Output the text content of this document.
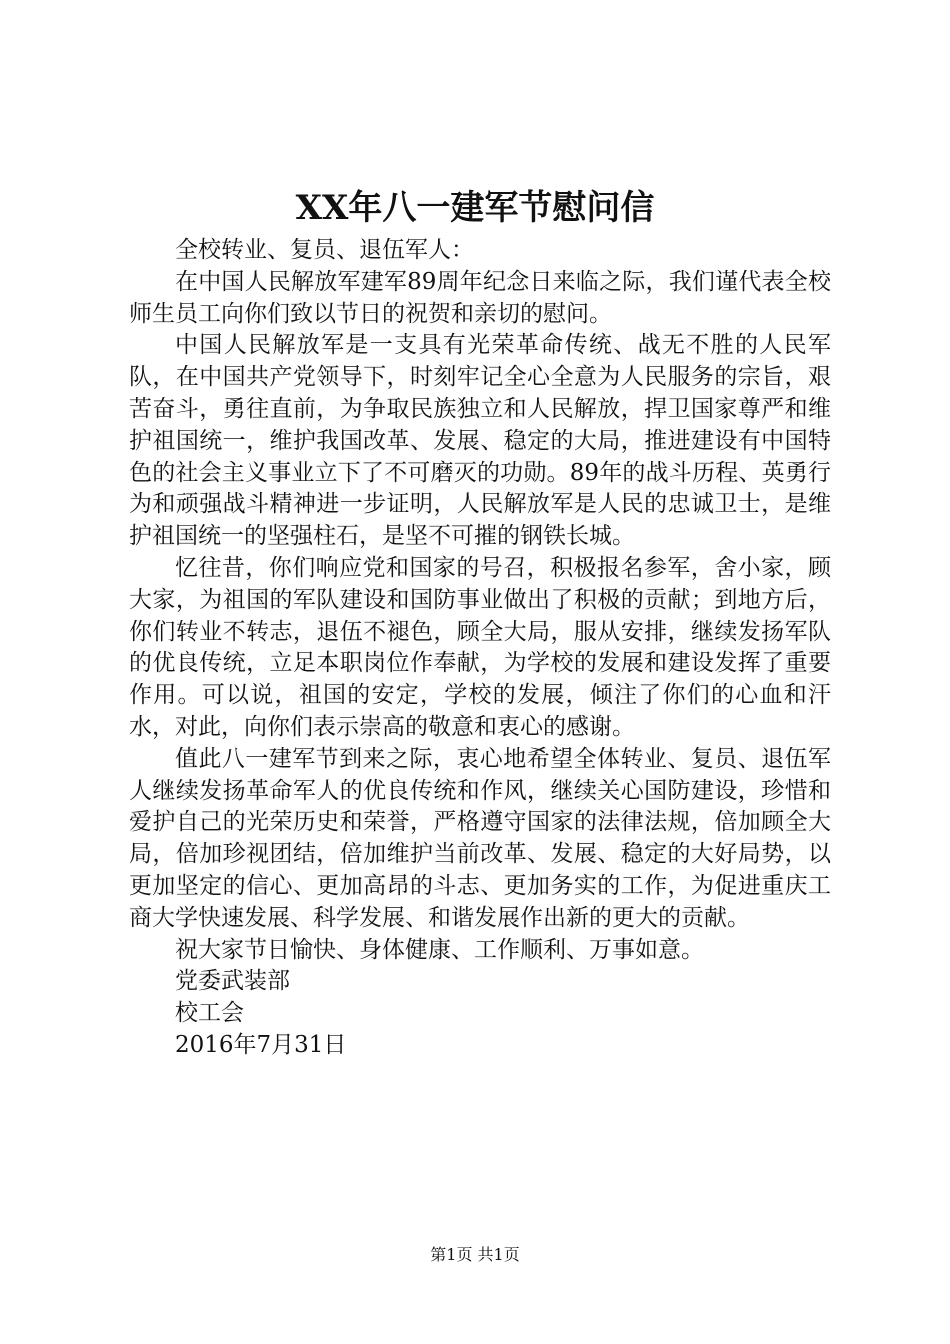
XX年八一建军节慰问信

全校转业、复员、退伍军人：

在中国人民解放军建军89周年纪念日来临之际，我们谨代表全校师生员工向你们致以节日的祝贺和亲切的慰问。

中国人民解放军是一支具有光荣革命传统、战无不胜的人民军队，在中国共产党领导下，时刻牢记全心全意为人民服务的宗旨，艰苦奋斗，勇往直前，为争取民族独立和人民解放，捍卫国家尊严和维护祖国统一，维护我国改革、发展、稳定的大局，推进建设有中国特色的社会主义事业立下了不可磨灭的功勋。89年的战斗历程、英勇行为和顽强战斗精神进一步证明，人民解放军是人民的忠诚卫士，是维护祖国统一的坚强柱石，是坚不可摧的钢铁长城。

忆往昔，你们响应党和国家的号召，积极报名参军，舍小家，顾大家，为祖国的军队建设和国防事业做出了积极的贡献；到地方后，你们转业不转志，退伍不褪色，顾全大局，服从安排，继续发扬军队的优良传统，立足本职岗位作奉献，为学校的发展和建设发挥了重要作用。可以说，祖国的安定，学校的发展，倾注了你们的心血和汗水，对此，向你们表示崇高的敬意和衷心的感谢。

值此八一建军节到来之际，衷心地希望全体转业、复员、退伍军人继续发扬革命军人的优良传统和作风，继续关心国防建设，珍惜和爱护自己的光荣历史和荣誉，严格遵守国家的法律法规，倍加顾全大局，倍加珍视团结，倍加维护当前改革、发展、稳定的大好局势，以更加坚定的信心、更加高昂的斗志、更加务实的工作，为促进重庆工商大学快速发展、科学发展、和谐发展作出新的更大的贡献。

祝大家节日愉快、身体健康、工作顺利、万事如意。

党委武装部

校工会

2016年7月31日

第1页 共1页
